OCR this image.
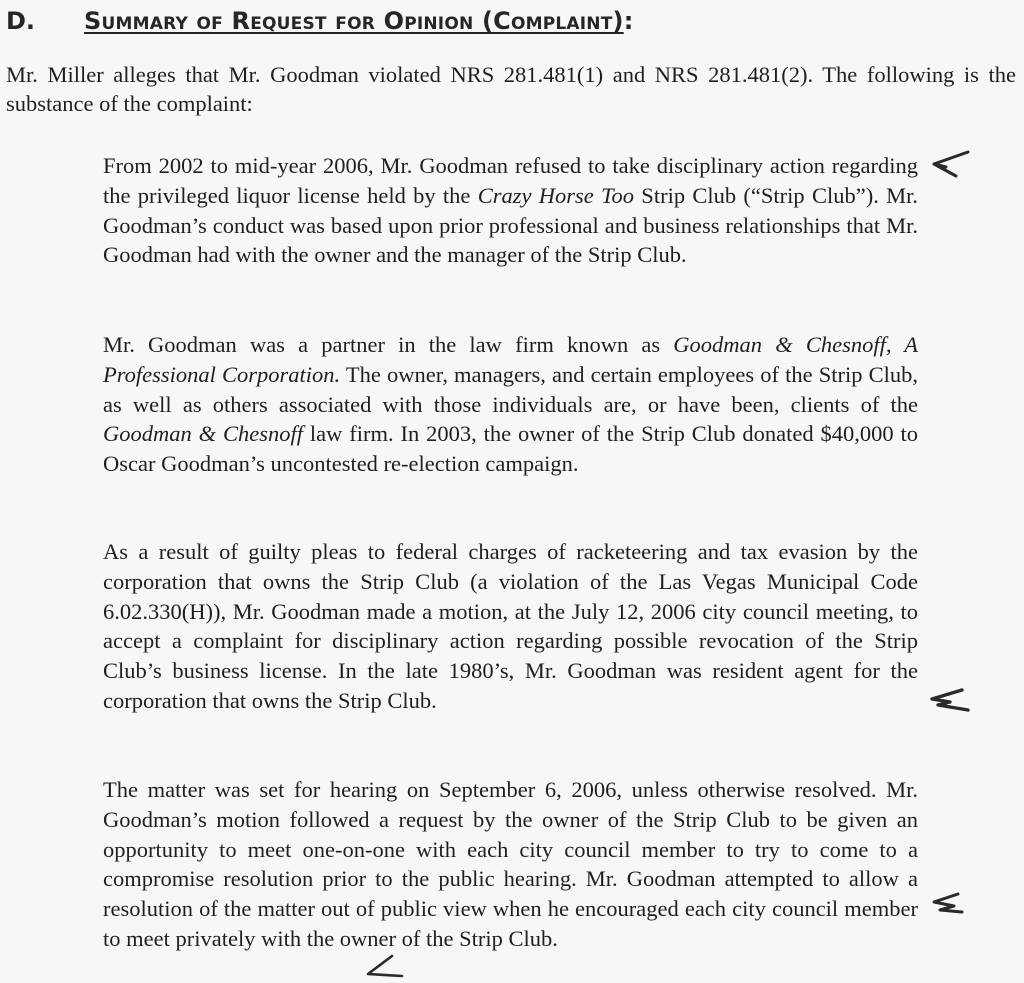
D. Summary of Request for Opinion (Complaint):

Mr. Miller alleges that Mr. Goodman violated NRS 281.481(1) and NRS 281.481(2). The following is the substance of the complaint:

From 2002 to mid-year 2006, Mr. Goodman refused to take disciplinary action regarding the privileged liquor license held by the Crazy Horse Too Strip Club (“Strip Club”). Mr. Goodman’s conduct was based upon prior professional and business relationships that Mr. Goodman had with the owner and the manager of the Strip Club.

Mr. Goodman was a partner in the law firm known as Goodman & Chesnoff, A Professional Corporation. The owner, managers, and certain employees of the Strip Club, as well as others associated with those individuals are, or have been, clients of the Goodman & Chesnoff law firm. In 2003, the owner of the Strip Club donated $40,000 to Oscar Goodman’s uncontested re-election campaign.

As a result of guilty pleas to federal charges of racketeering and tax evasion by the corporation that owns the Strip Club (a violation of the Las Vegas Municipal Code 6.02.330(H)), Mr. Goodman made a motion, at the July 12, 2006 city council meeting, to accept a complaint for disciplinary action regarding possible revocation of the Strip Club’s business license. In the late 1980’s, Mr. Goodman was resident agent for the corporation that owns the Strip Club.

The matter was set for hearing on September 6, 2006, unless otherwise resolved. Mr. Goodman’s motion followed a request by the owner of the Strip Club to be given an opportunity to meet one-on-one with each city council member to try to come to a compromise resolution prior to the public hearing. Mr. Goodman attempted to allow a resolution of the matter out of public view when he encouraged each city council member to meet privately with the owner of the Strip Club.
